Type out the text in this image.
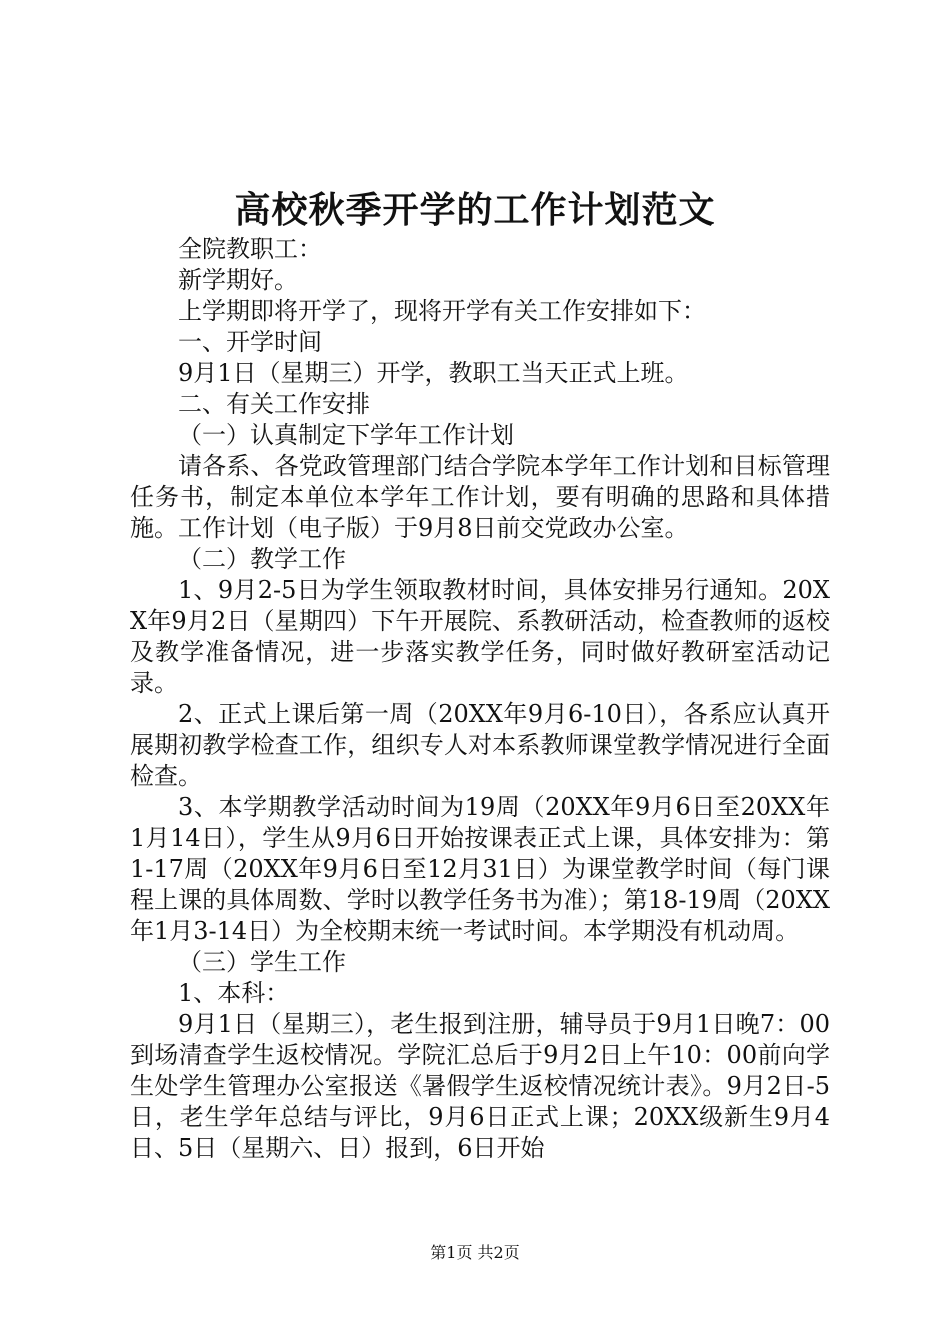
高校秋季开学的工作计划范文

全院教职工：

新学期好。

上学期即将开学了，现将开学有关工作安排如下：

一、开学时间

9月1日（星期三）开学，教职工当天正式上班。

二、有关工作安排

（一）认真制定下学年工作计划

请各系、各党政管理部门结合学院本学年工作计划和目标管理任务书，制定本单位本学年工作计划，要有明确的思路和具体措施。工作计划（电子版）于9月8日前交党政办公室。

（二）教学工作

1、9月2-5日为学生领取教材时间，具体安排另行通知。20XX年9月2日（星期四）下午开展院、系教研活动，检查教师的返校及教学准备情况，进一步落实教学任务，同时做好教研室活动记录。

2、正式上课后第一周（20XX年9月6-10日），各系应认真开展期初教学检查工作，组织专人对本系教师课堂教学情况进行全面检查。

3、本学期教学活动时间为19周（20XX年9月6日至20XX年1月14日），学生从9月6日开始按课表正式上课，具体安排为：第1-17周（20XX年9月6日至12月31日）为课堂教学时间（每门课程上课的具体周数、学时以教学任务书为准）；第18-19周（20XX年1月3-14日）为全校期末统一考试时间。本学期没有机动周。

（三）学生工作

1、本科：

9月1日（星期三），老生报到注册，辅导员于9月1日晚7：00到场清查学生返校情况。学院汇总后于9月2日上午10：00前向学生处学生管理办公室报送《暑假学生返校情况统计表》。9月2日-5日，老生学年总结与评比，9月6日正式上课；20XX级新生9月4日、5日（星期六、日）报到，6日开始

第1页 共2页
